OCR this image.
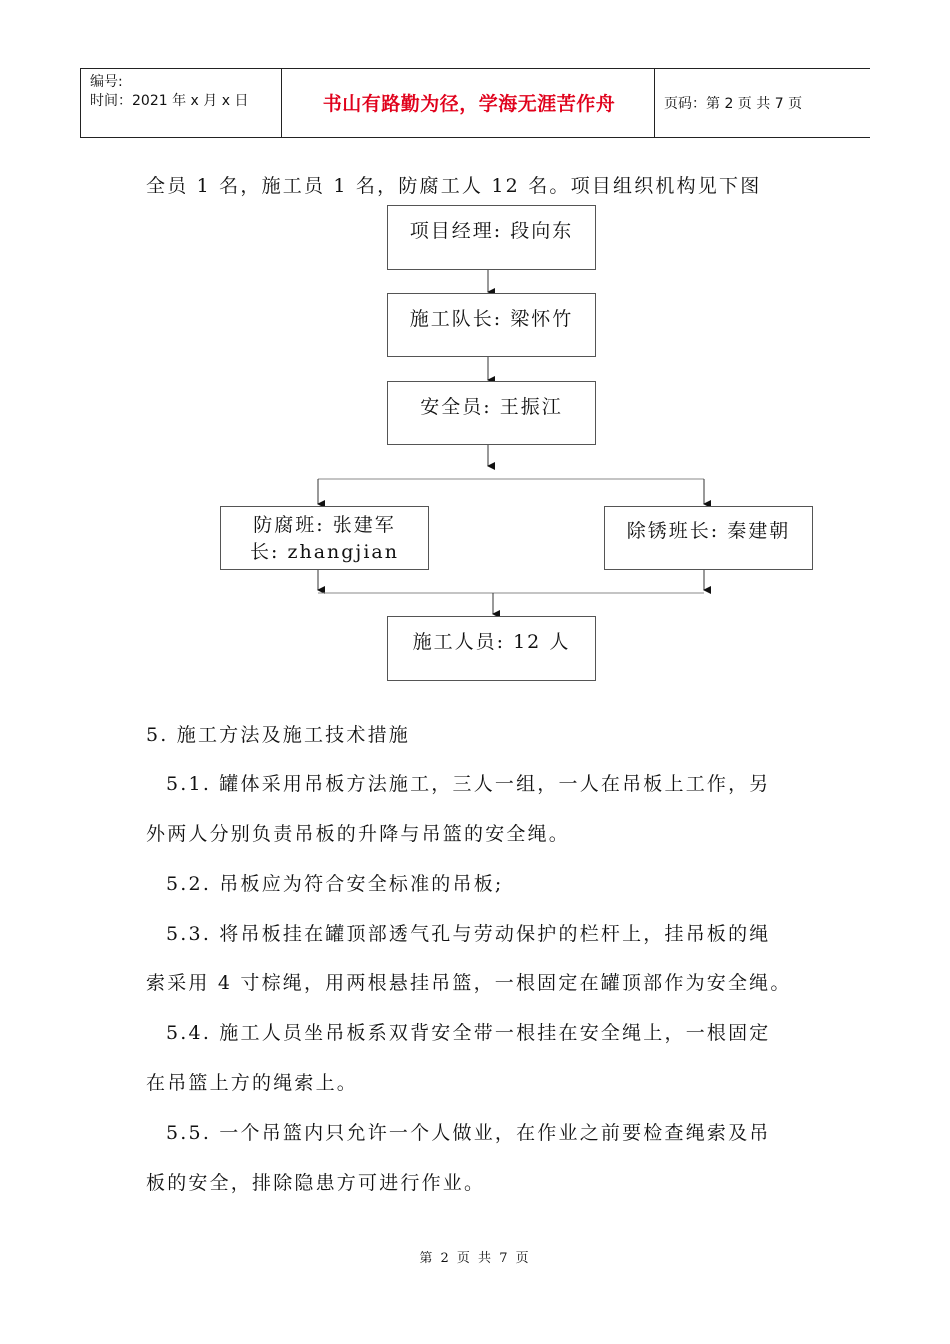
编号:
时间：2021 年 x 月 x 日	书山有路勤为径，学海无涯苦作舟	页码：第 2 页 共 7 页
全员 1 名，施工员 1 名，防腐工人 12 名。项目组织机构见下图
项目经理: 段向东
施工队长: 梁怀竹
安全员: 王振江
防腐班: 张建军
长: zhangjian
除锈班长: 秦建朝
施工人员: 12 人
5. 施工方法及施工技术措施
5.1. 罐体采用吊板方法施工，三人一组，一人在吊板上工作，另
外两人分别负责吊板的升降与吊篮的安全绳。
5.2. 吊板应为符合安全标准的吊板;
5.3. 将吊板挂在罐顶部透气孔与劳动保护的栏杆上，挂吊板的绳
索采用 4 寸棕绳，用两根悬挂吊篮，一根固定在罐顶部作为安全绳。
5.4. 施工人员坐吊板系双背安全带一根挂在安全绳上，一根固定
在吊篮上方的绳索上。
5.5. 一个吊篮内只允许一个人做业，在作业之前要检查绳索及吊
板的安全，排除隐患方可进行作业。
第 2 页 共 7 页
